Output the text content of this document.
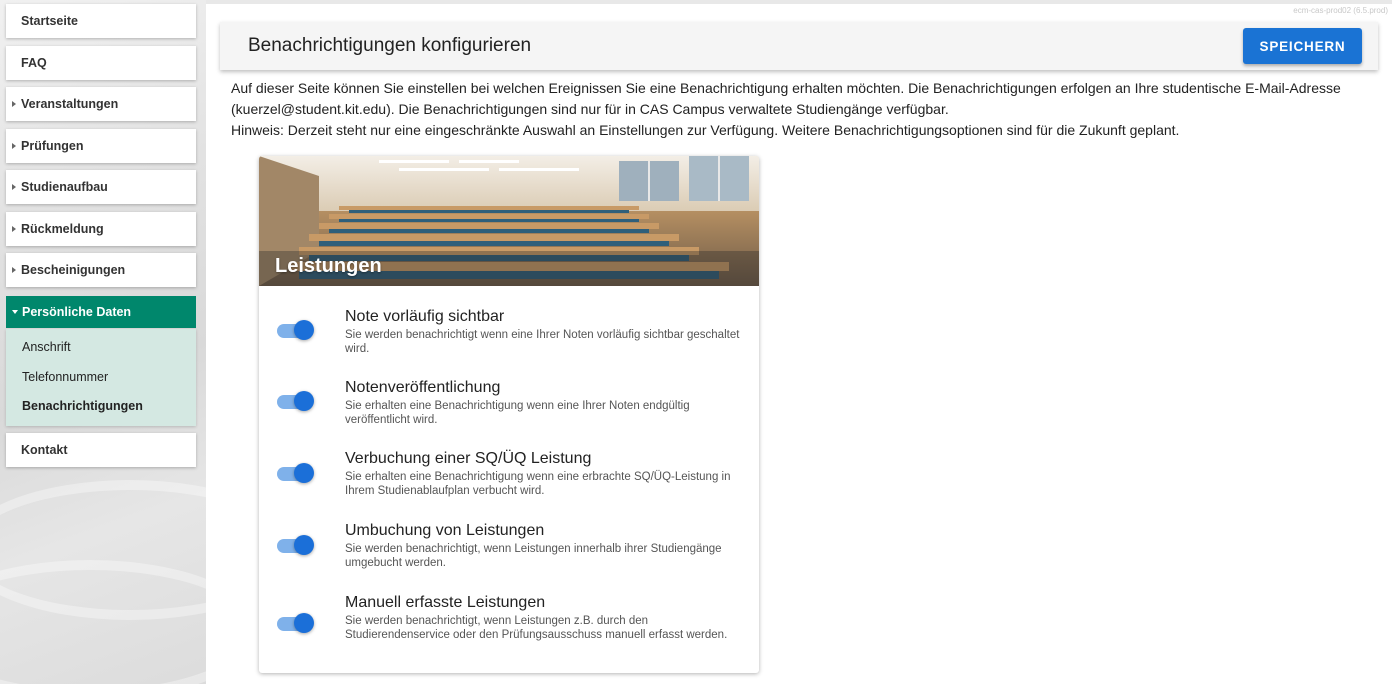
Startseite
FAQ
Veranstaltungen
Prüfungen
Studienaufbau
Rückmeldung
Bescheinigungen
Persönliche Daten
Anschrift
Telefonnummer
Benachrichtigungen
Kontakt
ecm-cas-prod02 (6.5.prod)
Benachrichtigungen konfigurieren	SPEICHERN

Auf dieser Seite können Sie einstellen bei welchen Ereignissen Sie eine Benachrichtigung erhalten möchten. Die Benachrichtigungen erfolgen an Ihre studentische E-Mail-Adresse (kuerzel@student.kit.edu). Die Benachrichtigungen sind nur für in CAS Campus verwaltete Studiengänge verfügbar.

Hinweis: Derzeit steht nur eine eingeschränkte Auswahl an Einstellungen zur Verfügung. Weitere Benachrichtigungsoptionen sind für die Zukunft geplant.

Leistungen
Note vorläufig sichtbar
Sie werden benachrichtigt wenn eine Ihrer Noten vorläufig sichtbar geschaltet wird.
Notenveröffentlichung
Sie erhalten eine Benachrichtigung wenn eine Ihrer Noten endgültig veröffentlicht wird.
Verbuchung einer SQ/ÜQ Leistung
Sie erhalten eine Benachrichtigung wenn eine erbrachte SQ/ÜQ-Leistung in Ihrem Studienablaufplan verbucht wird.
Umbuchung von Leistungen
Sie werden benachrichtigt, wenn Leistungen innerhalb ihrer Studiengänge umgebucht werden.
Manuell erfasste Leistungen
Sie werden benachrichtigt, wenn Leistungen z.B. durch den Studierendenservice oder den Prüfungsausschuss manuell erfasst werden.
